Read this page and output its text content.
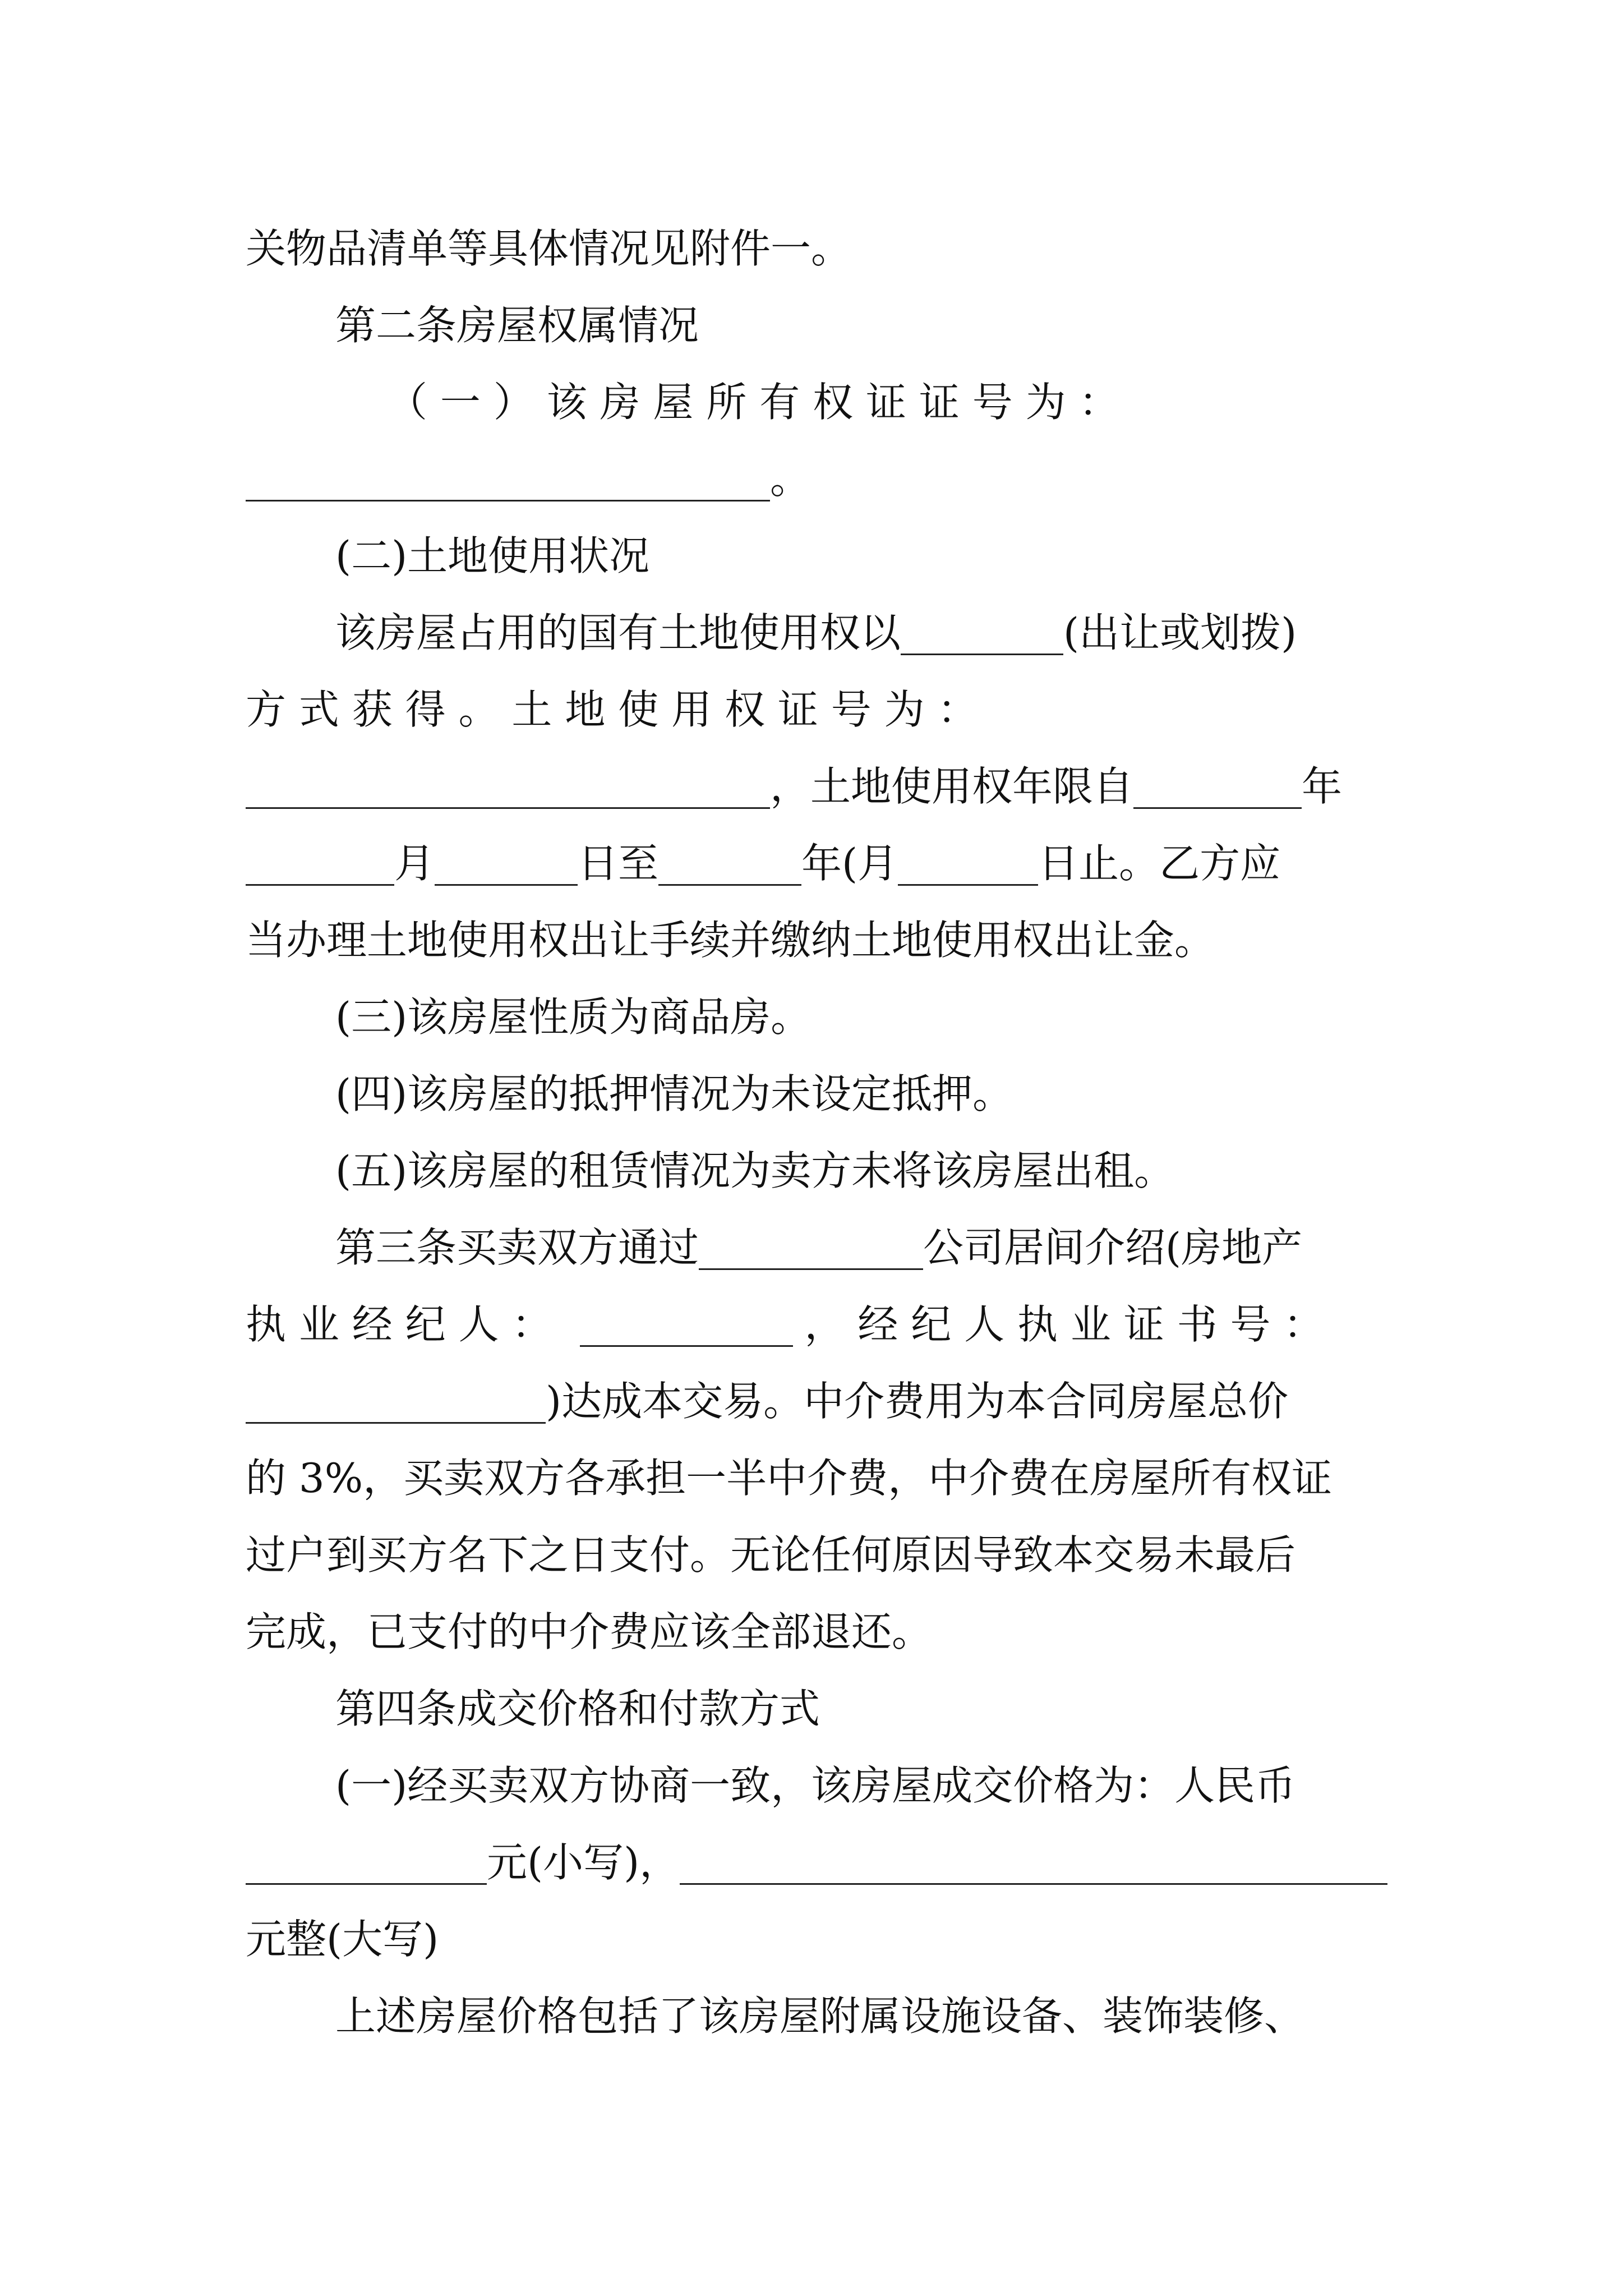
关物品清单等具体情况见附件一。
第二条房屋权属情况
（ 一 ） 该 房 屋 所 有 权 证 证 号 为 ：
。
(二)土地使用状况
该房屋占用的国有土地使用权以	(出让或划拨)
方 式 获 得 。 土 地 使 用 权 证 号 为 ：
，土地使用权年限自	年
月	日至	年(月	日止。乙方应
当办理土地使用权出让手续并缴纳土地使用权出让金。
(三)该房屋性质为商品房。
(四)该房屋的抵押情况为未设定抵押。
(五)该房屋的租赁情况为卖方未将该房屋出租。
第三条买卖双方通过	公司居间介绍(房地产
执 业 经 纪 人 ：	， 经 纪 人 执 业 证 书 号 ：
)达成本交易。中介费用为本合同房屋总价
的 3%，买卖双方各承担一半中介费，中介费在房屋所有权证
过户到买方名下之日支付。无论任何原因导致本交易未最后
完成，已支付的中介费应该全部退还。
第四条成交价格和付款方式
(一)经买卖双方协商一致，该房屋成交价格为：人民币
元(小写)，
元整(大写)
上述房屋价格包括了该房屋附属设施设备、装饰装修、
